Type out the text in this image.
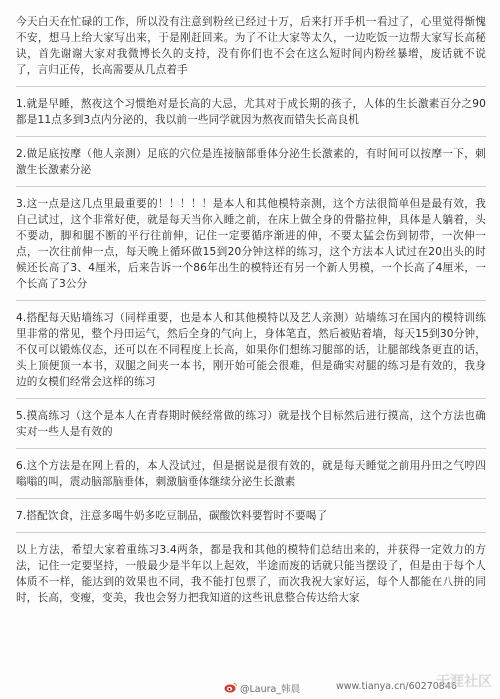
今天白天在忙碌的工作，所以没有注意到粉丝已经过十万，后来打开手机一看过了，心里觉得惭愧不安，想马上给大家写出来，于是刚赶回来。为了不让大家等太久，一边吃饭一边帮大家写长高秘诀，首先谢谢大家对我微博长久的支持，没有你们也不会在这么短时间内粉丝暴增，废话就不说了，言归正传，长高需要从几点着手

1.就是早睡，熬夜这个习惯绝对是长高的大忌，尤其对于成长期的孩子，人体的生长激素百分之90都是11点多到3点内分泌的，我以前一些同学就因为熬夜而错失长高良机

2.做足底按摩（他人亲测）足底的穴位是连接脑部垂体分泌生长激素的，有时间可以按摩一下，刺激生长激素分泌

3.这一点是这几点里最重要的！！！！！是本人和其他模特亲测，这个方法很简单但是最有效，我自己试过，这个非常好使，就是每天当你入睡之前，在床上做全身的骨骼拉伸，具体是人躺着，头不要动，脚和腿不断的平行往前伸，记住一定要循序渐进的伸，不要太猛会伤到韧带，一次伸一点，一次往前伸一点，每天晚上循环做15到20分钟这样的练习，这个方法本人试过在20出头的时候还长高了3、4厘米，后来告诉一个86年出生的模特还有另一个新人男模，一个长高了4厘米，一个长高了3公分

4.搭配每天贴墙练习（同样重要，也是本人和其他模特以及艺人亲测）站墙练习在国内的模特训练里非常的常见，整个丹田运气，然后全身的气向上，身体笔直，然后被贴着墙，每天15到30分钟，不仅可以锻炼仪态，还可以在不同程度上长高，如果你们想练习腿部的话，让腿部线条更直的话，头上顶便顶一本书，双腿之间夹一本书，刚开始可能会很难，但是确实对腿的练习是有效的，我身边的女模们经常会这样的练习

5.摸高练习（这个是本人在青春期时候经常做的练习）就是找个目标然后进行摸高，这个方法也确实对一些人是有效的

6.这个方法是在网上看的，本人没试过，但是据说是很有效的，就是每天睡觉之前用丹田之气哼四嗡嗡的叫，震动脑部脑垂体，刺激脑垂体继续分泌生长激素

7.搭配饮食，注意多喝牛奶多吃豆制品，碳酸饮料要暂时不要喝了

以上方法，希望大家着重练习3.4两条，都是我和其他的模特们总结出来的，并获得一定效力的方法，记住一定要坚持，一般最少是半年以上起效，半途而废的话就只能当摆设了，但是由于每个人体质不一样，能达到的效果也不同，我不能打包票了，而次我祝大家好运，每个人都能在八拼的同时，长高，变瘦，变美，我也会努力把我知道的这些讯息整合传达给大家

@Laura_韩晨	www.tianya.cn/60270846
天涯社区
